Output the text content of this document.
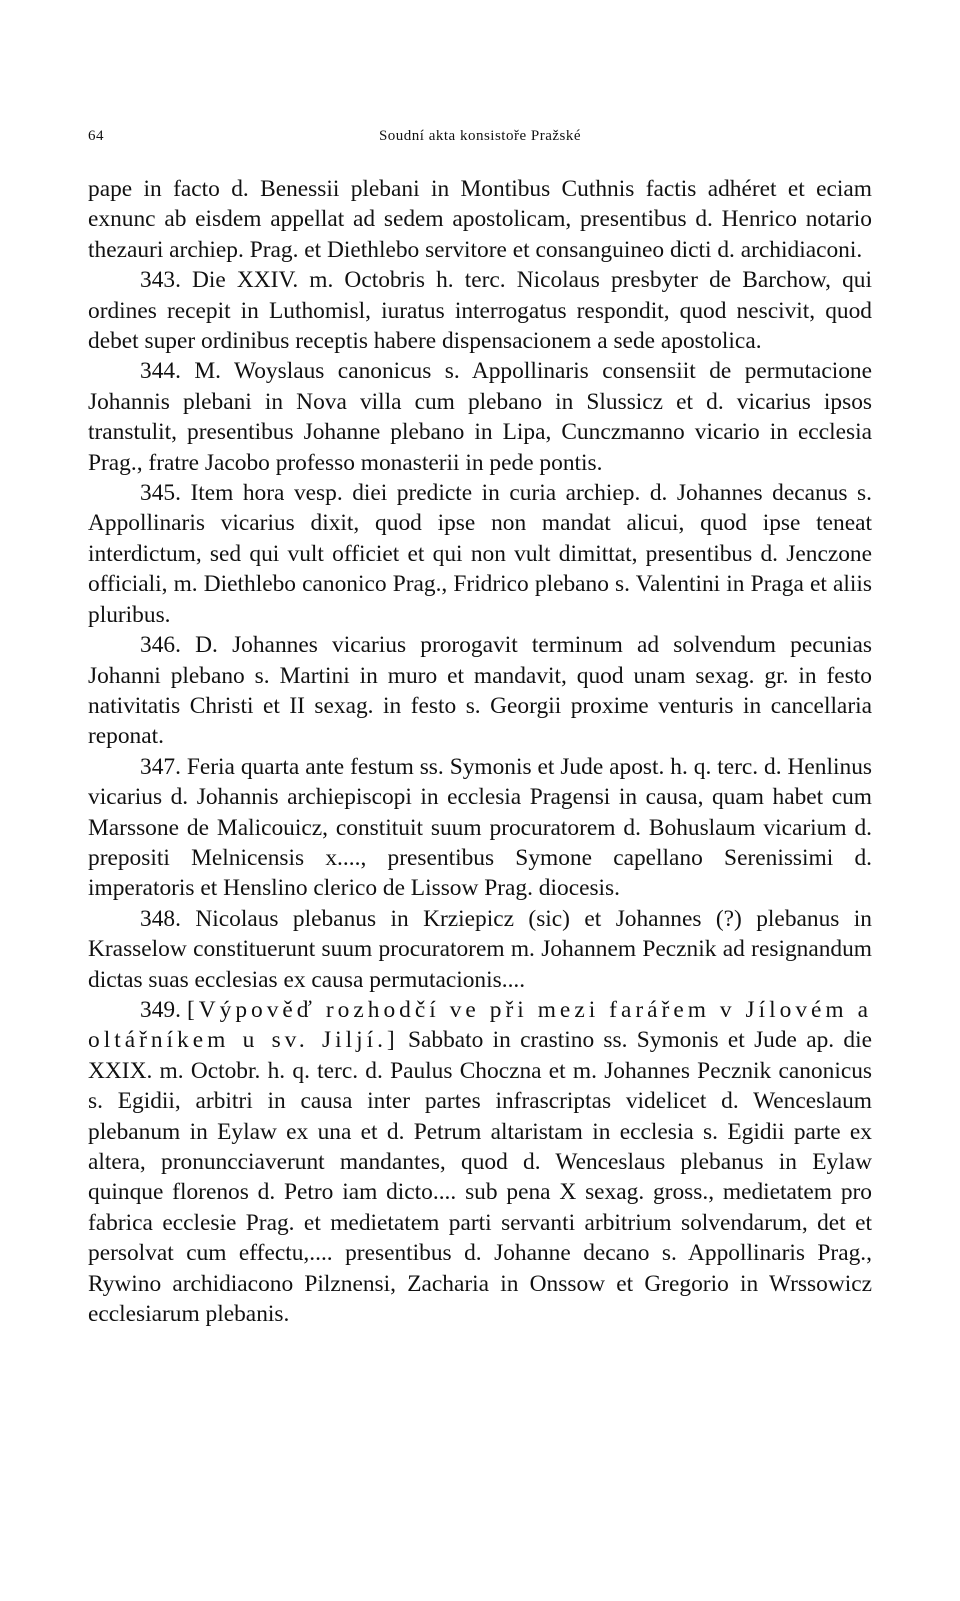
64	Soudní akta konsistoře Pražské

pape in facto d. Benessii plebani in Montibus Cuthnis factis adhéret et eciam exnunc ab eisdem appellat ad sedem apostolicam, presentibus d. Henrico notario thezauri archiep. Prag. et Diethlebo servitore et consanguineo dicti d. archidiaconi.

343. Die XXIV. m. Octobris h. terc. Nicolaus presbyter de Barchow, qui ordines recepit in Luthomisl, iuratus interrogatus respondit, quod nescivit, quod debet super ordinibus receptis habere dispensacionem a sede apostolica.

344. M. Woyslaus canonicus s. Appollinaris consensiit de permutacione Johannis plebani in Nova villa cum plebano in Slussicz et d. vicarius ipsos transtulit, presentibus Johanne plebano in Lipa, Cunczmanno vicario in ecclesia Prag., fratre Jacobo professo monasterii in pede pontis.

345. Item hora vesp. diei predicte in curia archiep. d. Johannes decanus s. Appollinaris vicarius dixit, quod ipse non mandat alicui, quod ipse teneat interdictum, sed qui vult officiet et qui non vult dimittat, presentibus d. Jenczone officiali, m. Diethlebo canonico Prag., Fridrico plebano s. Valentini in Praga et aliis pluribus.

346. D. Johannes vicarius prorogavit terminum ad solvendum pecunias Johanni plebano s. Martini in muro et mandavit, quod unam sexag. gr. in festo nativitatis Christi et II sexag. in festo s. Georgii proxime venturis in cancellaria reponat.

347. Feria quarta ante festum ss. Symonis et Jude apost. h. q. terc. d. Henlinus vicarius d. Johannis archiepiscopi in ecclesia Pragensi in causa, quam habet cum Marssone de Malicouicz, constituit suum procuratorem d. Bohuslaum vicarium d. prepositi Melnicensis x...., presentibus Symone capellano Serenissimi d. imperatoris et Henslino clerico de Lissow Prag. diocesis.

348. Nicolaus plebanus in Krziepicz (sic) et Johannes (?) plebanus in Krasselow constituerunt suum procuratorem m. Johannem Pecznik ad resignandum dictas suas ecclesias ex causa permutacionis....

349. [Výpověď rozhodčí ve při mezi farářem v Jílovém a oltářníkem u sv. Jiljí.] Sabbato in crastino ss. Symonis et Jude ap. die XXIX. m. Octobr. h. q. terc. d. Paulus Choczna et m. Johannes Pecznik canonicus s. Egidii, arbitri in causa inter partes infrascriptas videlicet d. Wenceslaum plebanum in Eylaw ex una et d. Petrum altaristam in ecclesia s. Egidii parte ex altera, pronuncciaverunt mandantes, quod d. Wenceslaus plebanus in Eylaw quinque florenos d. Petro iam dicto.... sub pena X sexag. gross., medietatem pro fabrica ecclesie Prag. et medietatem parti servanti arbitrium solvendarum, det et persolvat cum effectu,.... presentibus d. Johanne decano s. Appollinaris Prag., Rywino archidiacono Pilznensi, Zacharia in Onssow et Gregorio in Wrssowicz ecclesiarum plebanis.
